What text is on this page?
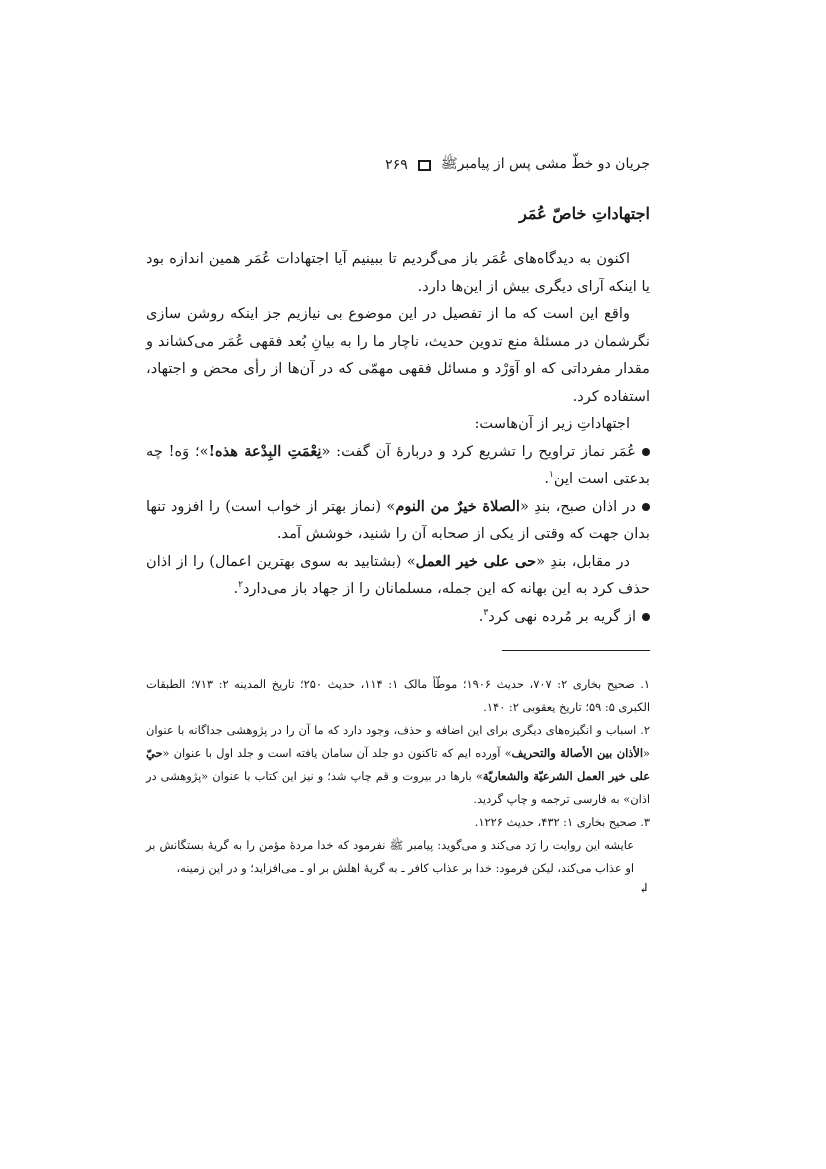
جریان دو خطّ مشی پس از پیامبرﷺ
۲۶۹
اجتهاداتِ خاصّ عُمَر

اکنون به دیدگاه‌های عُمَر باز می‌گردیم تا ببینیم آیا اجتهادات عُمَر همین اندازه بود یا اینکه آرای دیگری بیش از این‌ها دارد.

واقع این است که ما از تفصیل در این موضوع بی نیازیم جز اینکه روشن سازی نگرشمان در مسئلهٔ منع تدوین حدیث، ناچار ما را به بیانِ بُعد فقهی عُمَر می‌کشاند و مقدار مفرداتی که او آوَرْد و مسائل فقهی مهمّی که در آن‌ها از رأی محض و اجتهاد، استفاده کرد.

اجتهاداتِ زیر از آن‌هاست:

عُمَر نماز تراویح را تشریع کرد و دربارهٔ آن گفت: «نِعْمَتِ البِدْعة هذه!»؛ وَه! چه بدعتی است این$^۱$.

در اذان صبح، بندِ «الصلاة خيرٌ من النوم» (نماز بهتر از خواب است) را افزود تنها بدان جهت که وقتی از یکی از صحابه آن را شنید، خوشش آمد.

در مقابل، بندِ «حی علی خیر العمل» (بشتابید به سوی بهترین اعمال) را از اذان حذف کرد به این بهانه که این جمله، مسلمانان را از جهاد باز می‌دارد$^۲$.

از گریه بر مُرده نهی کرد$^۳$.

۱. صحیح بخاری ۲: ۷۰۷، حدیث ۱۹۰۶؛ موطّأ مالک ۱: ۱۱۴، حدیث ۲۵۰؛ تاریخ المدینه ۲: ۷۱۳؛ الطبقات الکبری ۵: ۵۹؛ تاریخ یعقوبی ۲: ۱۴۰.

۲. اسباب و انگیزه‌های دیگری برای این اضافه و حذف، وجود دارد که ما آن را در پژوهشی جداگانه با عنوان «الأذان بين الأصالة والتحريف» آورده ایم که تاکنون دو جلد آن سامان یافته است و جلد اول با عنوان «حيّ على خير العمل الشرعيّة والشعاريّة» بارها در بیروت و قم چاپ شد؛ و نیز این کتاب با عنوان «پژوهشی در اذان» به فارسی ترجمه و چاپ گردید.

۳. صحیح بخاری ۱: ۴۳۲، حدیث ۱۲۲۶.

عایشه این روایت را رَد می‌کند و می‌گوید: پیامبر ﷺ نفرمود که خدا مردهٔ مؤمن را به گریهٔ بستگانش بر او عذاب می‌کند، لیکن فرمود: خدا بر عذاب کافر ـ به گریهٔ اهلش بر او ـ می‌افزاید؛ و در این زمینه،

↲
